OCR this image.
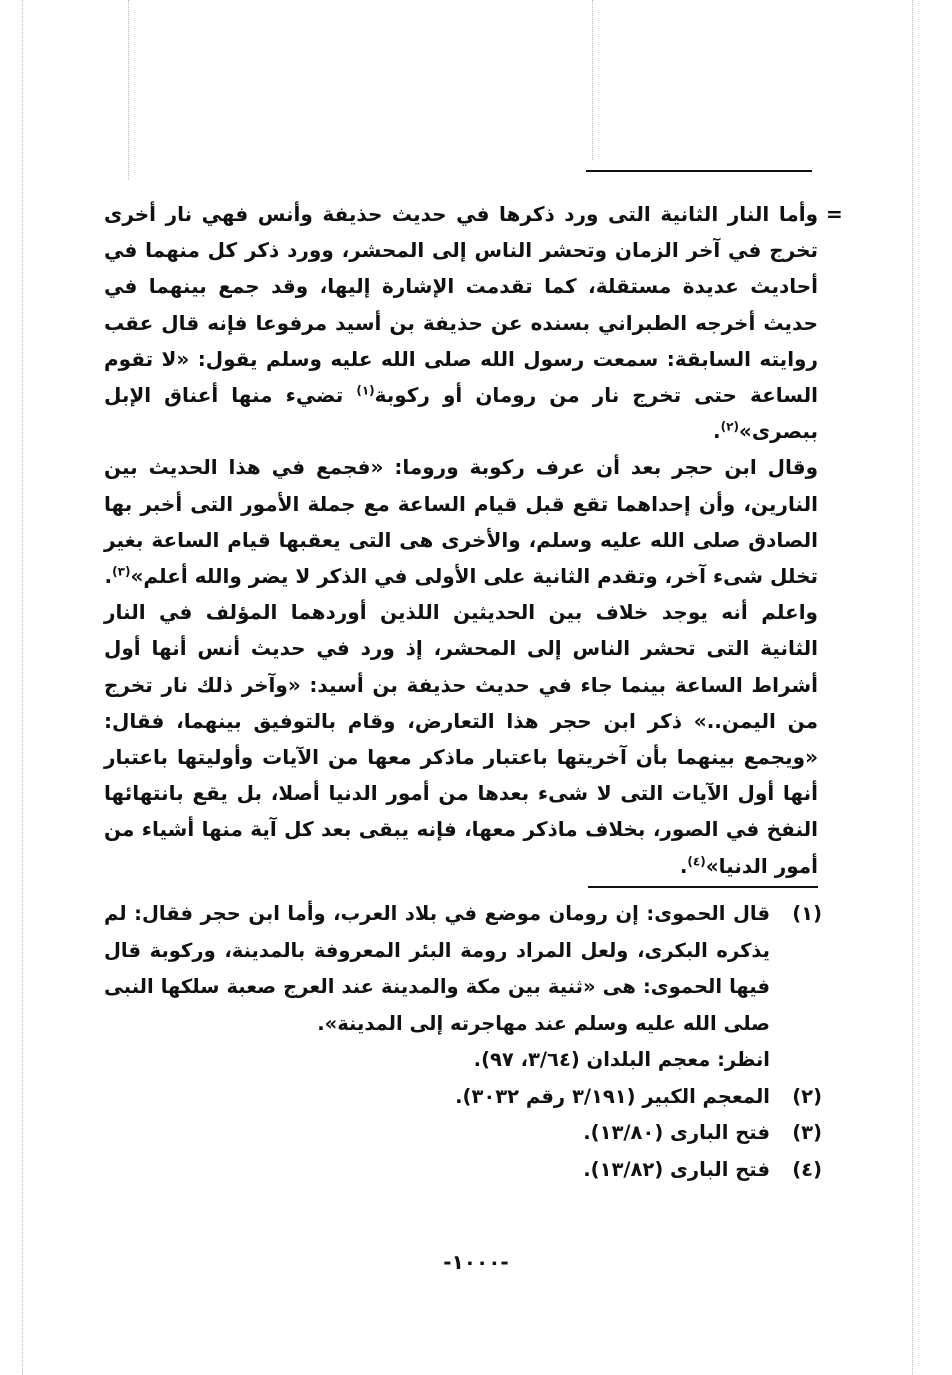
=

وأما النار الثانية التى ورد ذكرها في حديث حذيفة وأنس فهي نار أخرى تخرج في آخر الزمان وتحشر الناس إلى المحشر، وورد ذكر كل منهما في أحاديث عديدة مستقلة، كما تقدمت الإشارة إليها، وقد جمع بينهما في حديث أخرجه الطبراني بسنده عن حذيفة بن أسيد مرفوعا فإنه قال عقب روايته السابقة: سمعت رسول الله صلى الله عليه وسلم يقول: «لا تقوم الساعة حتى تخرج نار من رومان أو ركوبة$^{(١)}$ تضيء منها أعناق الإبل ببصرى»$^{(٢)}$.

وقال ابن حجر بعد أن عرف ركوبة وروما: «فجمع في هذا الحديث بين النارين، وأن إحداهما تقع قبل قيام الساعة مع جملة الأمور التى أخبر بها الصادق صلى الله عليه وسلم، والأخرى هى التى يعقبها قيام الساعة بغير تخلل شىء آخر، وتقدم الثانية على الأولى في الذكر لا يضر والله أعلم»$^{(٣)}$.

واعلم أنه يوجد خلاف بين الحديثين اللذين أوردهما المؤلف في النار الثانية التى تحشر الناس إلى المحشر، إذ ورد في حديث أنس أنها أول أشراط الساعة بينما جاء في حديث حذيفة بن أسيد: «وآخر ذلك نار تخرج من اليمن..» ذكر ابن حجر هذا التعارض، وقام بالتوفيق بينهما، فقال: «ويجمع بينهما بأن آخريتها باعتبار ماذكر معها من الآيات وأوليتها باعتبار أنها أول الآيات التى لا شىء بعدها من أمور الدنيا أصلا، بل يقع بانتهائها النفخ في الصور، بخلاف ماذكر معها، فإنه يبقى بعد كل آية منها أشياء من أمور الدنيا»$^{(٤)}$.

(١)
قال الحموى: إن رومان موضع في بلاد العرب، وأما ابن حجر فقال: لم يذكره البكرى، ولعل المراد رومة البئر المعروفة بالمدينة، وركوبة قال فيها الحموى: هى «ثنية بين مكة والمدينة عند العرج صعبة سلكها النبى صلى الله عليه وسلم عند مهاجرته إلى المدينة».
انظر: معجم البلدان (٣/٦٤، ٩٧).
(٢)
المعجم الكبير (٣/١٩١ رقم ٣٠٣٢).
(٣)
فتح البارى (١٣/٨٠).
(٤)
فتح البارى (١٣/٨٢).
-١٠٠٠-
